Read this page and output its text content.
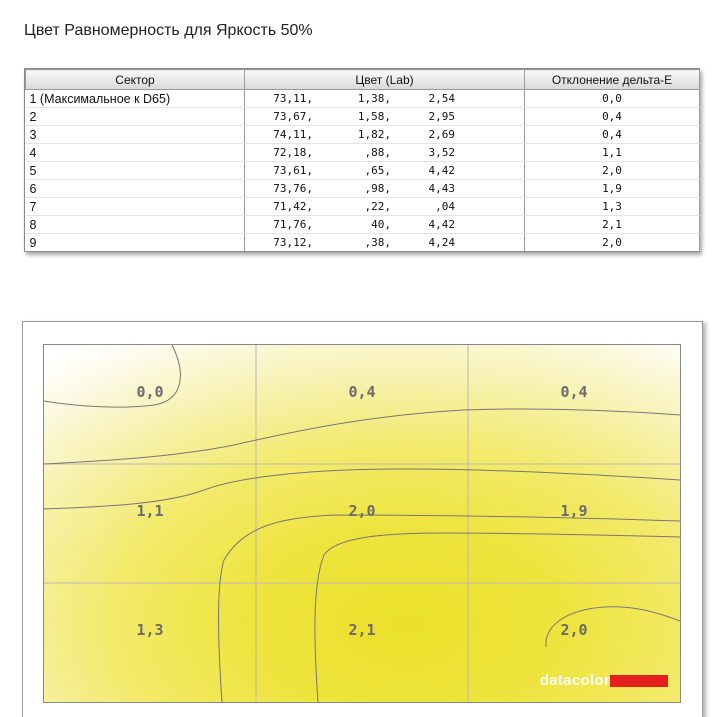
Цвет Равномерность для Яркость 50%
Сектор	Цвет (Lab)	Отклонение дельта-E
1 (Максимальное к D65)	73,11, 1,38, 2,54	0,0
2	73,67, 1,58, 2,95	0,4
3	74,11, 1,82, 2,69	0,4
4	72,18, ,88, 3,52	1,1
5	73,61, ,65, 4,42	2,0
6	73,76, ,98, 4,43	1,9
7	71,42, ,22, ,04	1,3
8	71,76, 40, 4,42	2,1
9	73,12, ,38, 4,24	2,0
0,0	0,4	0,4
1,1	2,0	1,9
1,3	2,1	2,0
datacolor
